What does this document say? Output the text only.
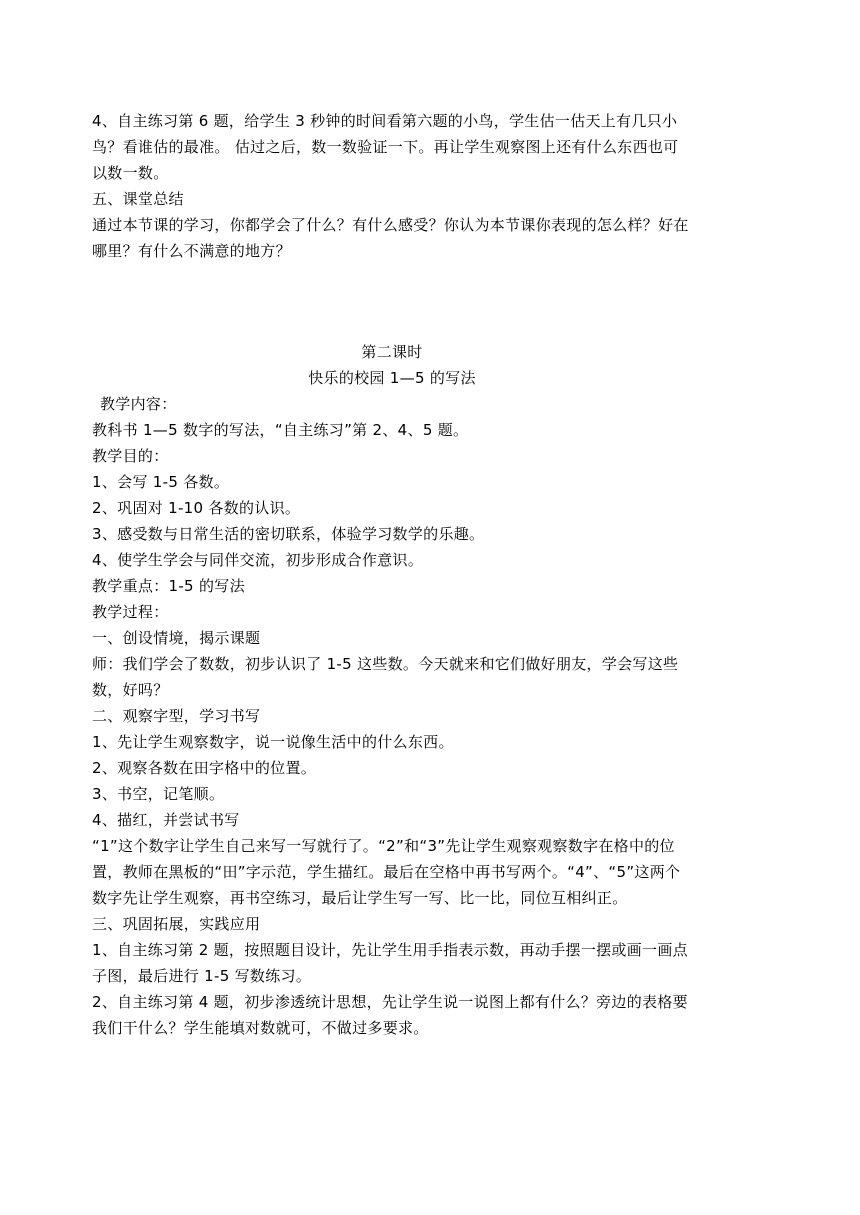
4、自主练习第 6 题，给学生 3 秒钟的时间看第六题的小鸟，学生估一估天上有几只小鸟？看谁估的最准。 估过之后，数一数验证一下。再让学生观察图上还有什么东西也可以数一数。

五、课堂总结

通过本节课的学习，你都学会了什么？有什么感受？你认为本节课你表现的怎么样？好在哪里？有什么不满意的地方？

第二课时

快乐的校园 1—5 的写法

教学内容：

教科书 1—5 数字的写法，“自主练习”第 2、4、5 题。

教学目的：

1、会写 1-5 各数。

2、巩固对 1-10 各数的认识。

3、感受数与日常生活的密切联系，体验学习数学的乐趣。

4、使学生学会与同伴交流，初步形成合作意识。

教学重点：1-5 的写法

教学过程：

一、创设情境，揭示课题

师：我们学会了数数，初步认识了 1-5 这些数。今天就来和它们做好朋友，学会写这些数，好吗？

二、观察字型，学习书写

1、先让学生观察数字，说一说像生活中的什么东西。

2、观察各数在田字格中的位置。

3、书空，记笔顺。

4、描红，并尝试书写

“1”这个数字让学生自己来写一写就行了。“2”和“3”先让学生观察观察数字在格中的位置，教师在黑板的“田”字示范，学生描红。最后在空格中再书写两个。“4”、“5”这两个数字先让学生观察，再书空练习，最后让学生写一写、比一比，同位互相纠正。

三、巩固拓展，实践应用

1、自主练习第 2 题，按照题目设计，先让学生用手指表示数，再动手摆一摆或画一画点子图，最后进行 1-5 写数练习。

2、自主练习第 4 题，初步渗透统计思想，先让学生说一说图上都有什么？旁边的表格要我们干什么？学生能填对数就可，不做过多要求。
